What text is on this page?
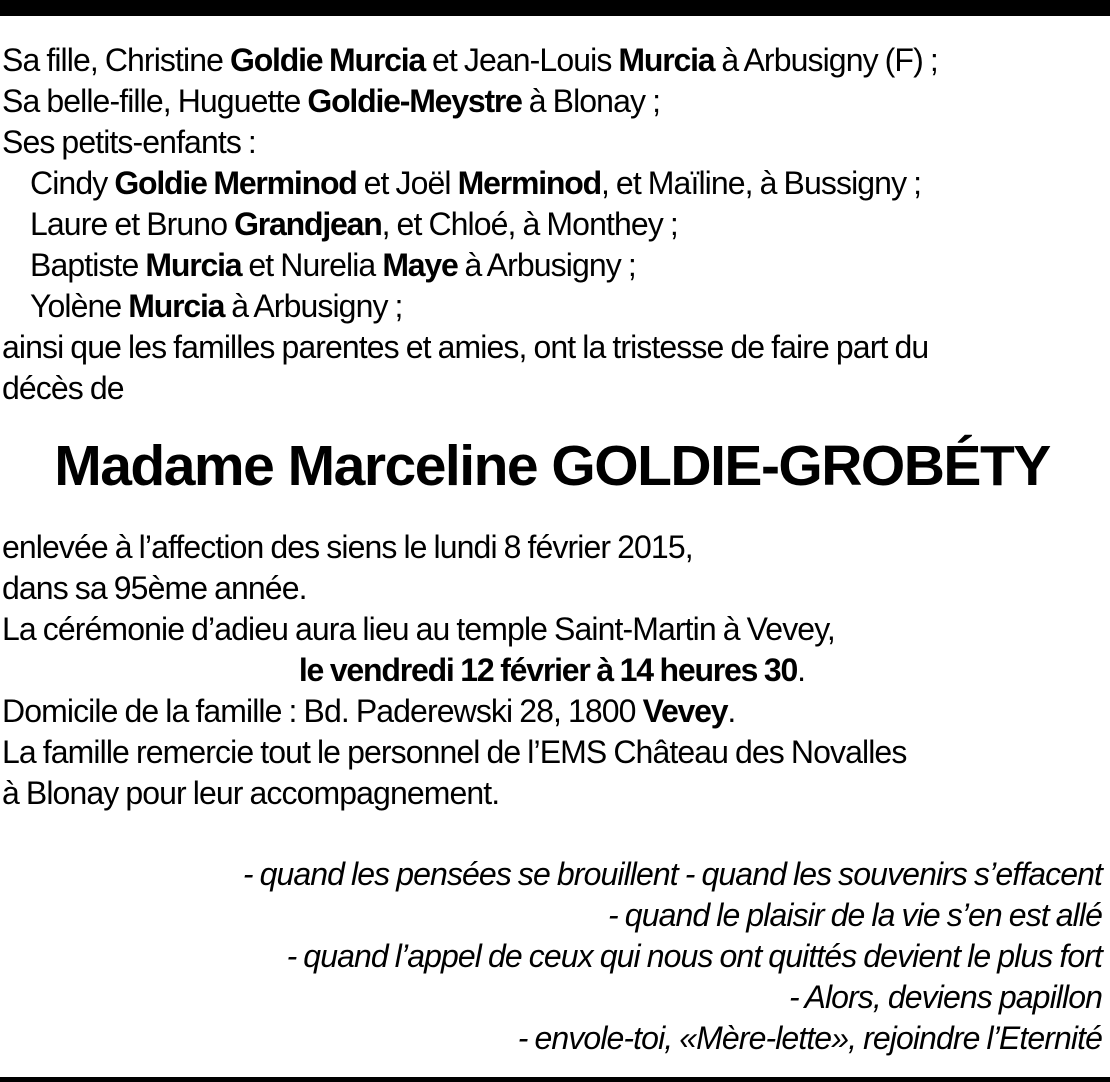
Sa fille, Christine Goldie Murcia et Jean-Louis Murcia à Arbusigny (F) ;
Sa belle-fille, Huguette Goldie-Meystre à Blonay ;
Ses petits-enfants :
Cindy Goldie Merminod et Joël Merminod, et Maïline, à Bussigny ;
Laure et Bruno Grandjean, et Chloé, à Monthey ;
Baptiste Murcia et Nurelia Maye à Arbusigny ;
Yolène Murcia à Arbusigny ;
ainsi que les familles parentes et amies, ont la tristesse de faire part du
décès de
Madame Marceline GOLDIE-GROBÉTY
enlevée à l’affection des siens le lundi 8 février 2015,
dans sa 95ème année.
La cérémonie d’adieu aura lieu au temple Saint-Martin à Vevey,
le vendredi 12 février à 14 heures 30.
Domicile de la famille : Bd. Paderewski 28, 1800 Vevey.
La famille remercie tout le personnel de l’EMS Château des Novalles
à Blonay pour leur accompagnement.
- quand les pensées se brouillent - quand les souvenirs s’effacent
- quand le plaisir de la vie s’en est allé
- quand l’appel de ceux qui nous ont quittés devient le plus fort
- Alors, deviens papillon
- envole-toi, «Mère-lette», rejoindre l’Eternité
